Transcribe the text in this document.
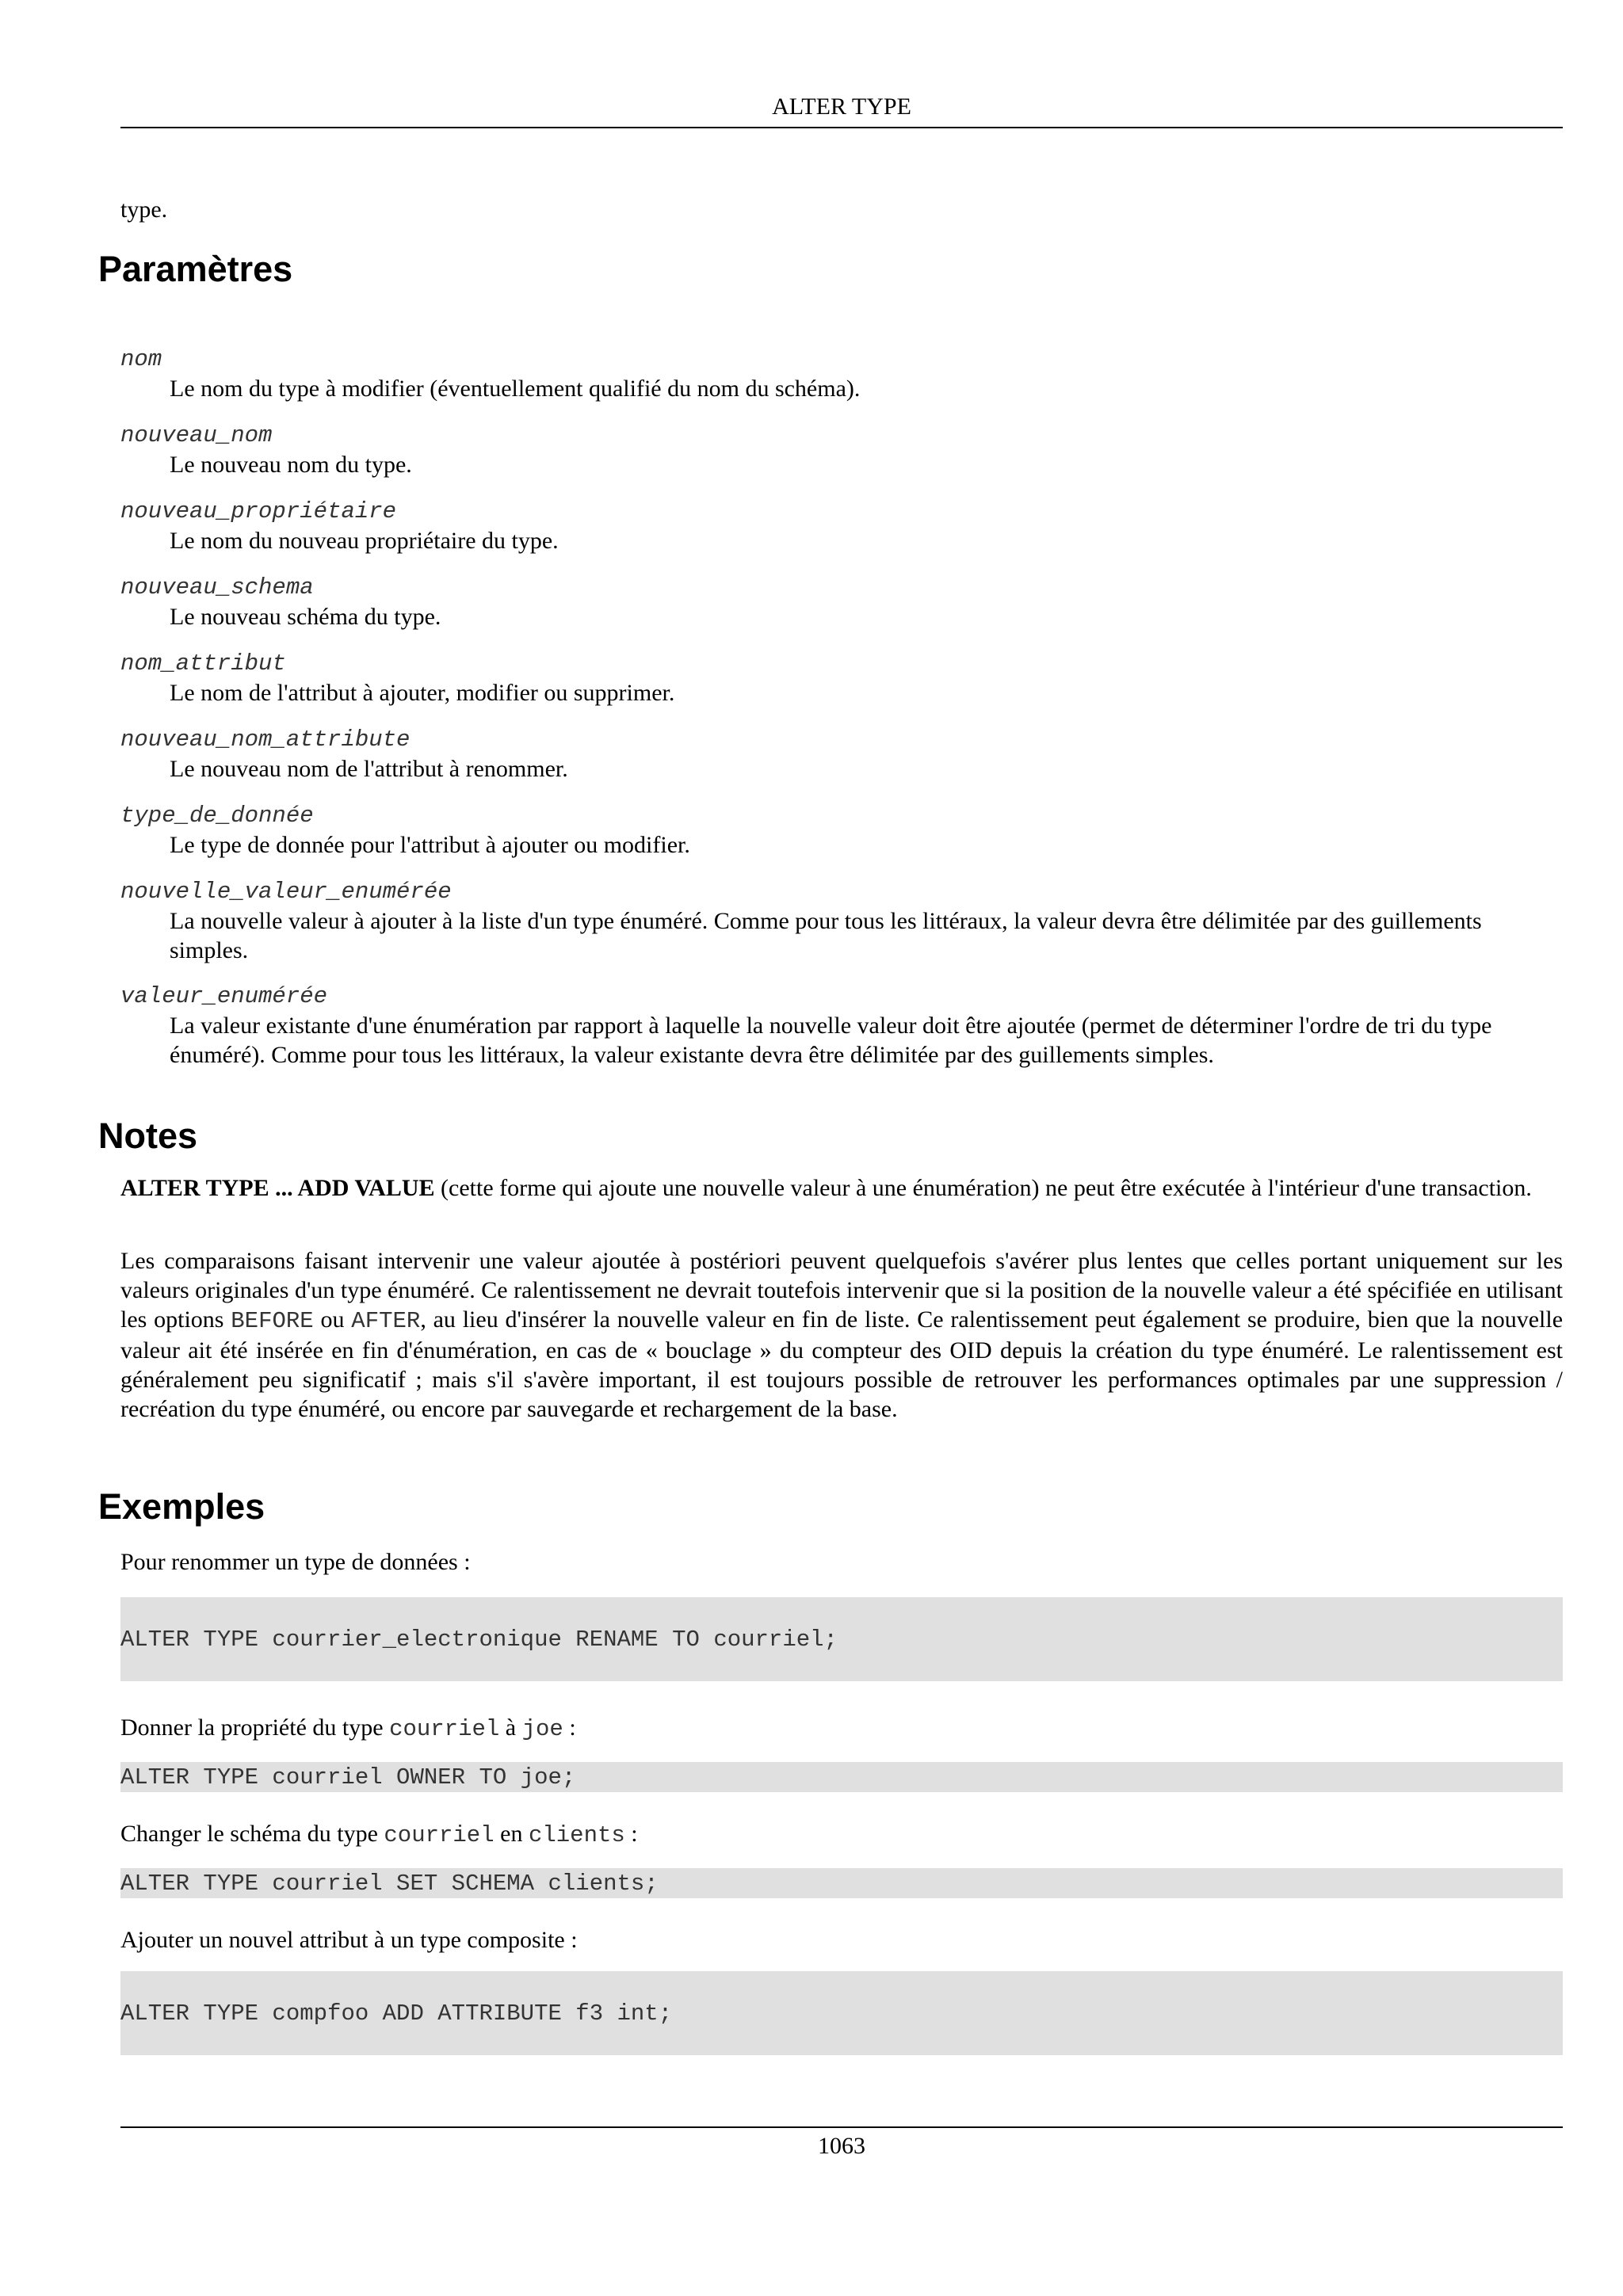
ALTER TYPE

type.

Paramètres
nom
Le nom du type à modifier (éventuellement qualifié du nom du schéma).
nouveau_nom
Le nouveau nom du type.
nouveau_propriétaire
Le nom du nouveau propriétaire du type.
nouveau_schema
Le nouveau schéma du type.
nom_attribut
Le nom de l'attribut à ajouter, modifier ou supprimer.
nouveau_nom_attribute
Le nouveau nom de l'attribut à renommer.
type_de_donnée
Le type de donnée pour l'attribut à ajouter ou modifier.
nouvelle_valeur_enumérée
La nouvelle valeur à ajouter à la liste d'un type énuméré. Comme pour tous les littéraux, la valeur devra être délimitée par des guillements simples.
valeur_enumérée
La valeur existante d'une énumération par rapport à laquelle la nouvelle valeur doit être ajoutée (permet de déterminer l'ordre de tri du type énuméré). Comme pour tous les littéraux, la valeur existante devra être délimitée par des guillements simples.
Notes

ALTER TYPE ... ADD VALUE (cette forme qui ajoute une nouvelle valeur à une énumération) ne peut être exécutée à l'intérieur d'une transaction.

Les comparaisons faisant intervenir une valeur ajoutée à postériori peuvent quelquefois s'avérer plus lentes que celles portant uniquement sur les valeurs originales d'un type énuméré. Ce ralentissement ne devrait toutefois intervenir que si la position de la nouvelle valeur a été spécifiée en utilisant les options BEFORE ou AFTER, au lieu d'insérer la nouvelle valeur en fin de liste. Ce ralentissement peut également se produire, bien que la nouvelle valeur ait été insérée en fin d'énumération, en cas de « bouclage » du compteur des OID depuis la création du type énuméré. Le ralentissement est généralement peu significatif ; mais s'il s'avère important, il est toujours possible de retrouver les performances optimales par une suppression / recréation du type énuméré, ou encore par sauvegarde et rechargement de la base.

Exemples

Pour renommer un type de données :

ALTER TYPE courrier_electronique RENAME TO courriel;

Donner la propriété du type courriel à joe :

ALTER TYPE courriel OWNER TO joe;

Changer le schéma du type courriel en clients :

ALTER TYPE courriel SET SCHEMA clients;

Ajouter un nouvel attribut à un type composite :

ALTER TYPE compfoo ADD ATTRIBUTE f3 int;
1063
